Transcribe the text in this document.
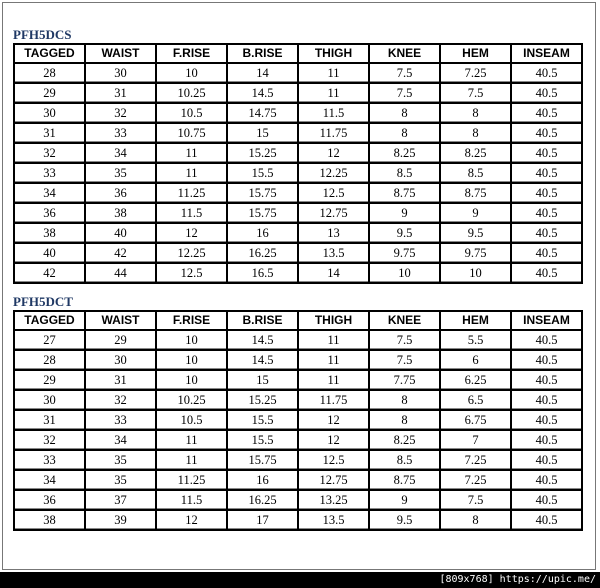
PFH5DCS
TAGGED	WAIST	F.RISE	B.RISE	THIGH	KNEE	HEM	INSEAM
28	30	10	14	11	7.5	7.25	40.5
29	31	10.25	14.5	11	7.5	7.5	40.5
30	32	10.5	14.75	11.5	8	8	40.5
31	33	10.75	15	11.75	8	8	40.5
32	34	11	15.25	12	8.25	8.25	40.5
33	35	11	15.5	12.25	8.5	8.5	40.5
34	36	11.25	15.75	12.5	8.75	8.75	40.5
36	38	11.5	15.75	12.75	9	9	40.5
38	40	12	16	13	9.5	9.5	40.5
40	42	12.25	16.25	13.5	9.75	9.75	40.5
42	44	12.5	16.5	14	10	10	40.5
PFH5DCT
TAGGED	WAIST	F.RISE	B.RISE	THIGH	KNEE	HEM	INSEAM
27	29	10	14.5	11	7.5	5.5	40.5
28	30	10	14.5	11	7.5	6	40.5
29	31	10	15	11	7.75	6.25	40.5
30	32	10.25	15.25	11.75	8	6.5	40.5
31	33	10.5	15.5	12	8	6.75	40.5
32	34	11	15.5	12	8.25	7	40.5
33	35	11	15.75	12.5	8.5	7.25	40.5
34	35	11.25	16	12.75	8.75	7.25	40.5
36	37	11.5	16.25	13.25	9	7.5	40.5
38	39	12	17	13.5	9.5	8	40.5
[809x768] https://upic.me/
